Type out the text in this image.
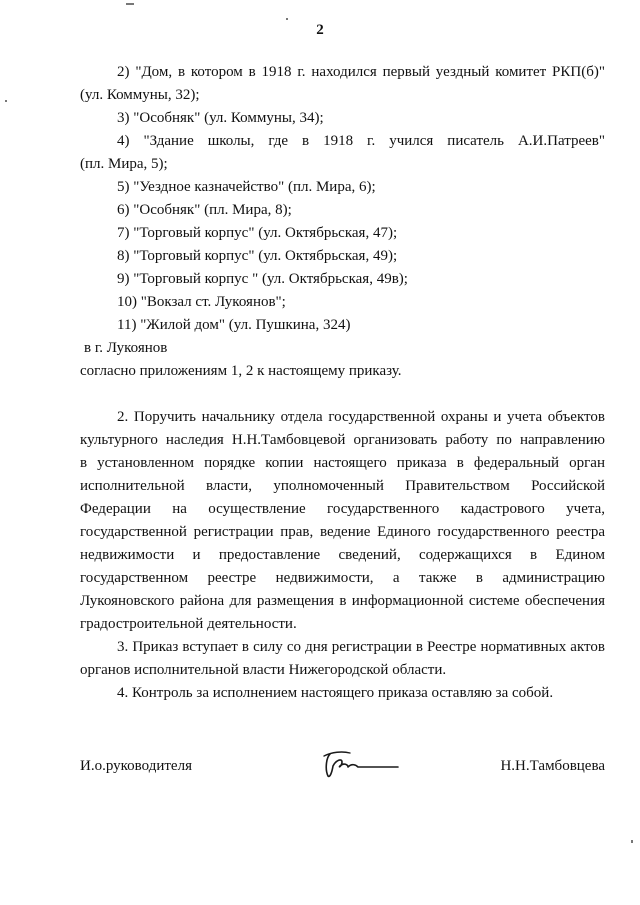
2
2) "Дом, в котором в 1918 г. находился первый уездный комитет РКП(б)"
(ул. Коммуны, 32);
3) "Особняк" (ул. Коммуны, 34);
4) "Здание школы, где в 1918 г. учился писатель А.И.Патреев"
(пл. Мира, 5);
5) "Уездное казначейство" (пл. Мира, 6);
6) "Особняк" (пл. Мира, 8);
7) "Торговый корпус" (ул. Октябрьская, 47);
8) "Торговый корпус" (ул. Октябрьская, 49);
9) "Торговый корпус " (ул. Октябрьская, 49в);
10) "Вокзал ст. Лукоянов";
11) "Жилой дом" (ул. Пушкина, 324)
в г. Лукоянов
согласно приложениям 1, 2 к настоящему приказу.
2. Поручить начальнику отдела государственной охраны и учета объектов
культурного наследия Н.Н.Тамбовцевой организовать работу по направлению
в установленном порядке копии настоящего приказа в федеральный орган
исполнительной власти, уполномоченный Правительством Российской
Федерации на осуществление государственного кадастрового учета,
государственной регистрации прав, ведение Единого государственного реестра
недвижимости и предоставление сведений, содержащихся в Едином
государственном реестре недвижимости, а также в администрацию
Лукояновского района для размещения в информационной системе обеспечения
градостроительной деятельности.
3. Приказ вступает в силу со дня регистрации в Реестре нормативных актов
органов исполнительной власти Нижегородской области.
4. Контроль за исполнением настоящего приказа оставляю за собой.
И.о.руководителя	Н.Н.Тамбовцева
